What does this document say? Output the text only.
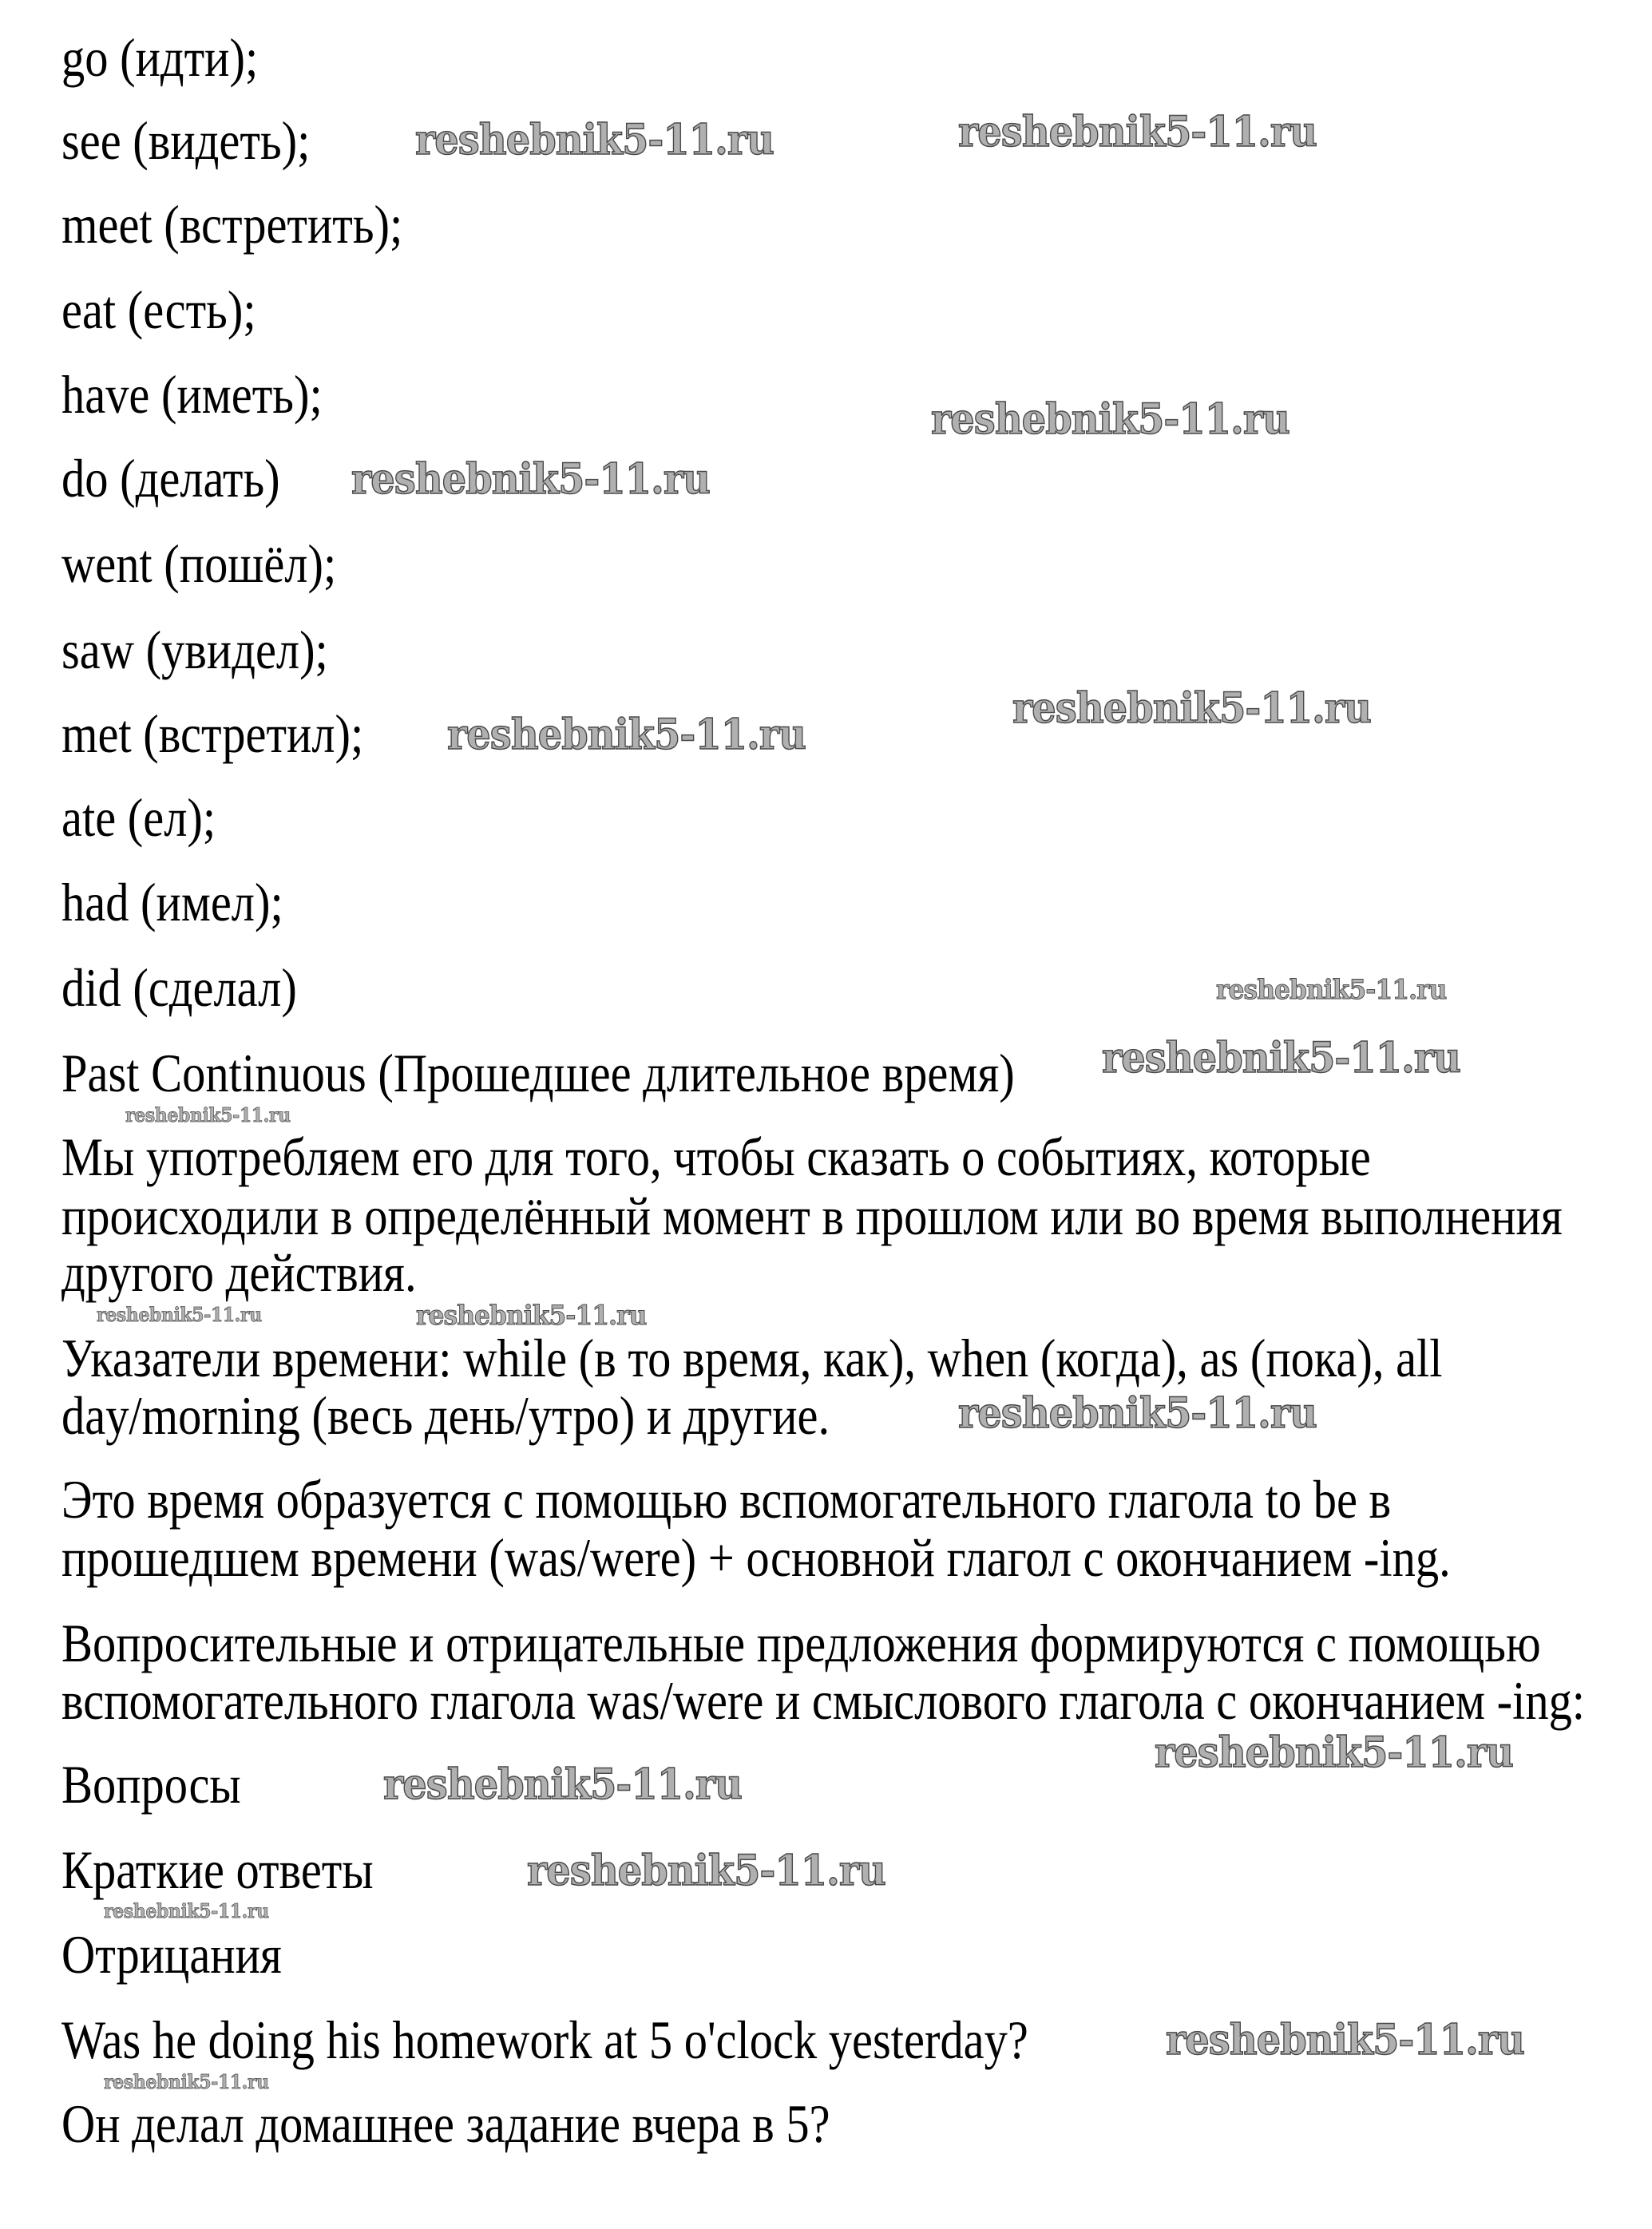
go (идти);
see (видеть);
meet (встретить);
eat (есть);
have (иметь);
do (делать)
went (пошёл);
saw (увидел);
met (встретил);
ate (ел);
had (имел);
did (сделал)
Past Continuous (Прошедшее длительное время)
Мы употребляем его для того, чтобы сказать о событиях, которые
происходили в определённый момент в прошлом или во время выполнения
другого действия.
Указатели времени: while (в то время, как), when (когда), as (пока), all
day/morning (весь день/утро) и другие.
Это время образуется с помощью вспомогательного глагола to be в
прошедшем времени (was/were) + основной глагол с окончанием -ing.
Вопросительные и отрицательные предложения формируются с помощью
вспомогательного глагола was/were и смыслового глагола с окончанием -ing:
Вопросы
Краткие ответы
Отрицания
Was he doing his homework at 5 o'clock yesterday?
Он делал домашнее задание вчера в 5?
reshebnik5-11.ru	reshebnik5-11.ru
reshebnik5-11.ru
reshebnik5-11.ru
reshebnik5-11.ru
reshebnik5-11.ru
reshebnik5-11.ru
reshebnik5-11.ru
reshebnik5-11.ru
reshebnik5-11.ru	reshebnik5-11.ru
reshebnik5-11.ru
reshebnik5-11.ru
reshebnik5-11.ru
reshebnik5-11.ru
reshebnik5-11.ru
reshebnik5-11.ru
reshebnik5-11.ru
